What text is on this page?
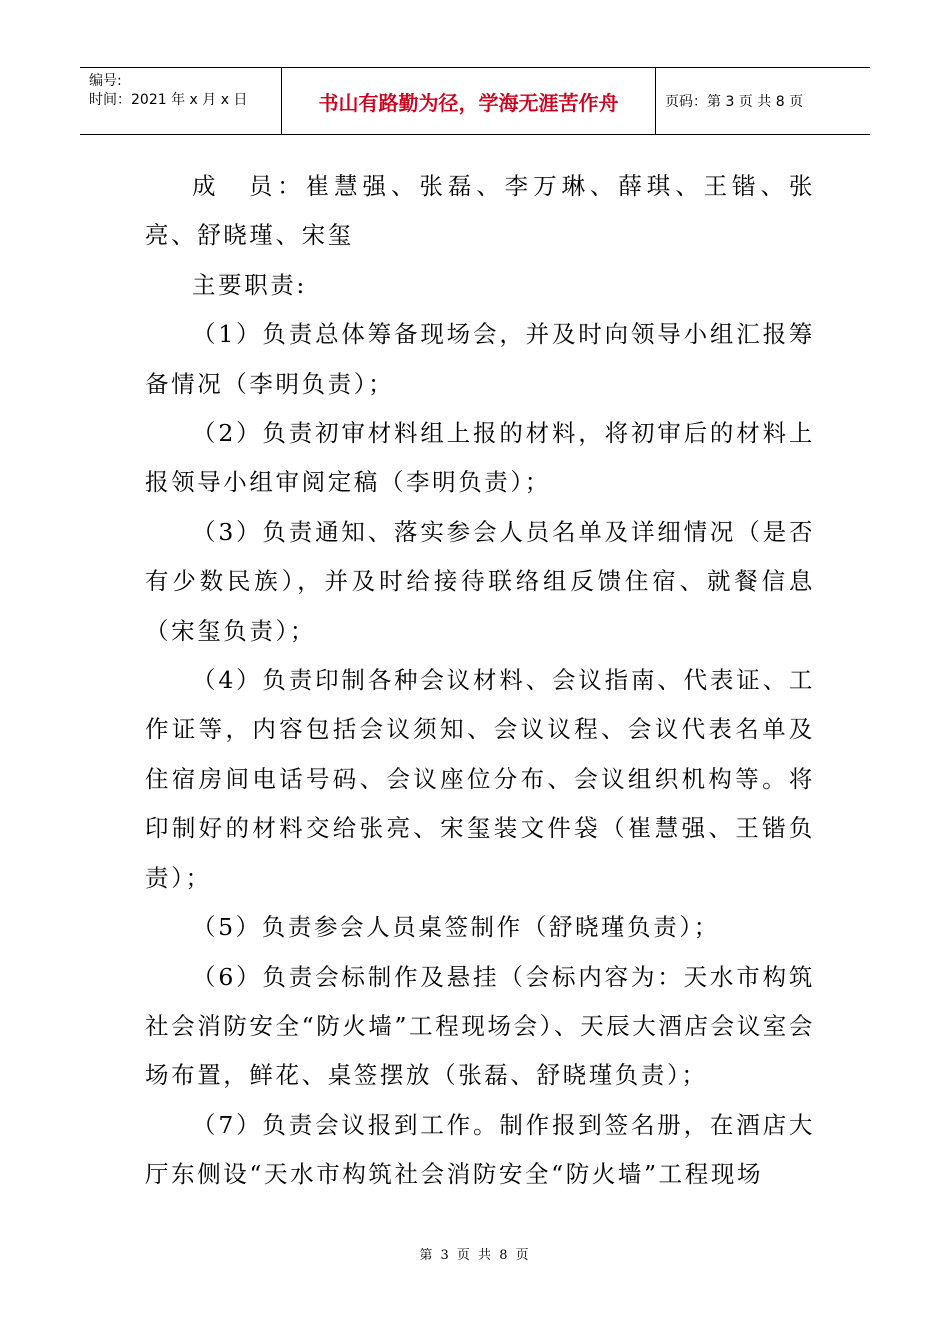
编号:
时间：2021 年 x 月 x 日	书山有路勤为径，学海无涯苦作舟	页码：第 3 页 共 8 页

成　员：崔慧强、张磊、李万琳、薛琪、王锴、张亮、舒晓瑾、宋玺

主要职责:

（1）负责总体筹备现场会，并及时向领导小组汇报筹备情况（李明负责）；

（2）负责初审材料组上报的材料，将初审后的材料上报领导小组审阅定稿（李明负责）；

（3）负责通知、落实参会人员名单及详细情况（是否有少数民族），并及时给接待联络组反馈住宿、就餐信息（宋玺负责）；

（4）负责印制各种会议材料、会议指南、代表证、工作证等，内容包括会议须知、会议议程、会议代表名单及住宿房间电话号码、会议座位分布、会议组织机构等。将印制好的材料交给张亮、宋玺装文件袋（崔慧强、王锴负责）；

（5）负责参会人员桌签制作（舒晓瑾负责）；

（6）负责会标制作及悬挂（会标内容为：天水市构筑社会消防安全“防火墙”工程现场会）、天辰大酒店会议室会场布置，鲜花、桌签摆放（张磊、舒晓瑾负责）；

（7）负责会议报到工作。制作报到签名册，在酒店大厅东侧设“天水市构筑社会消防安全“防火墙”工程现场

第 3 页 共 8 页
